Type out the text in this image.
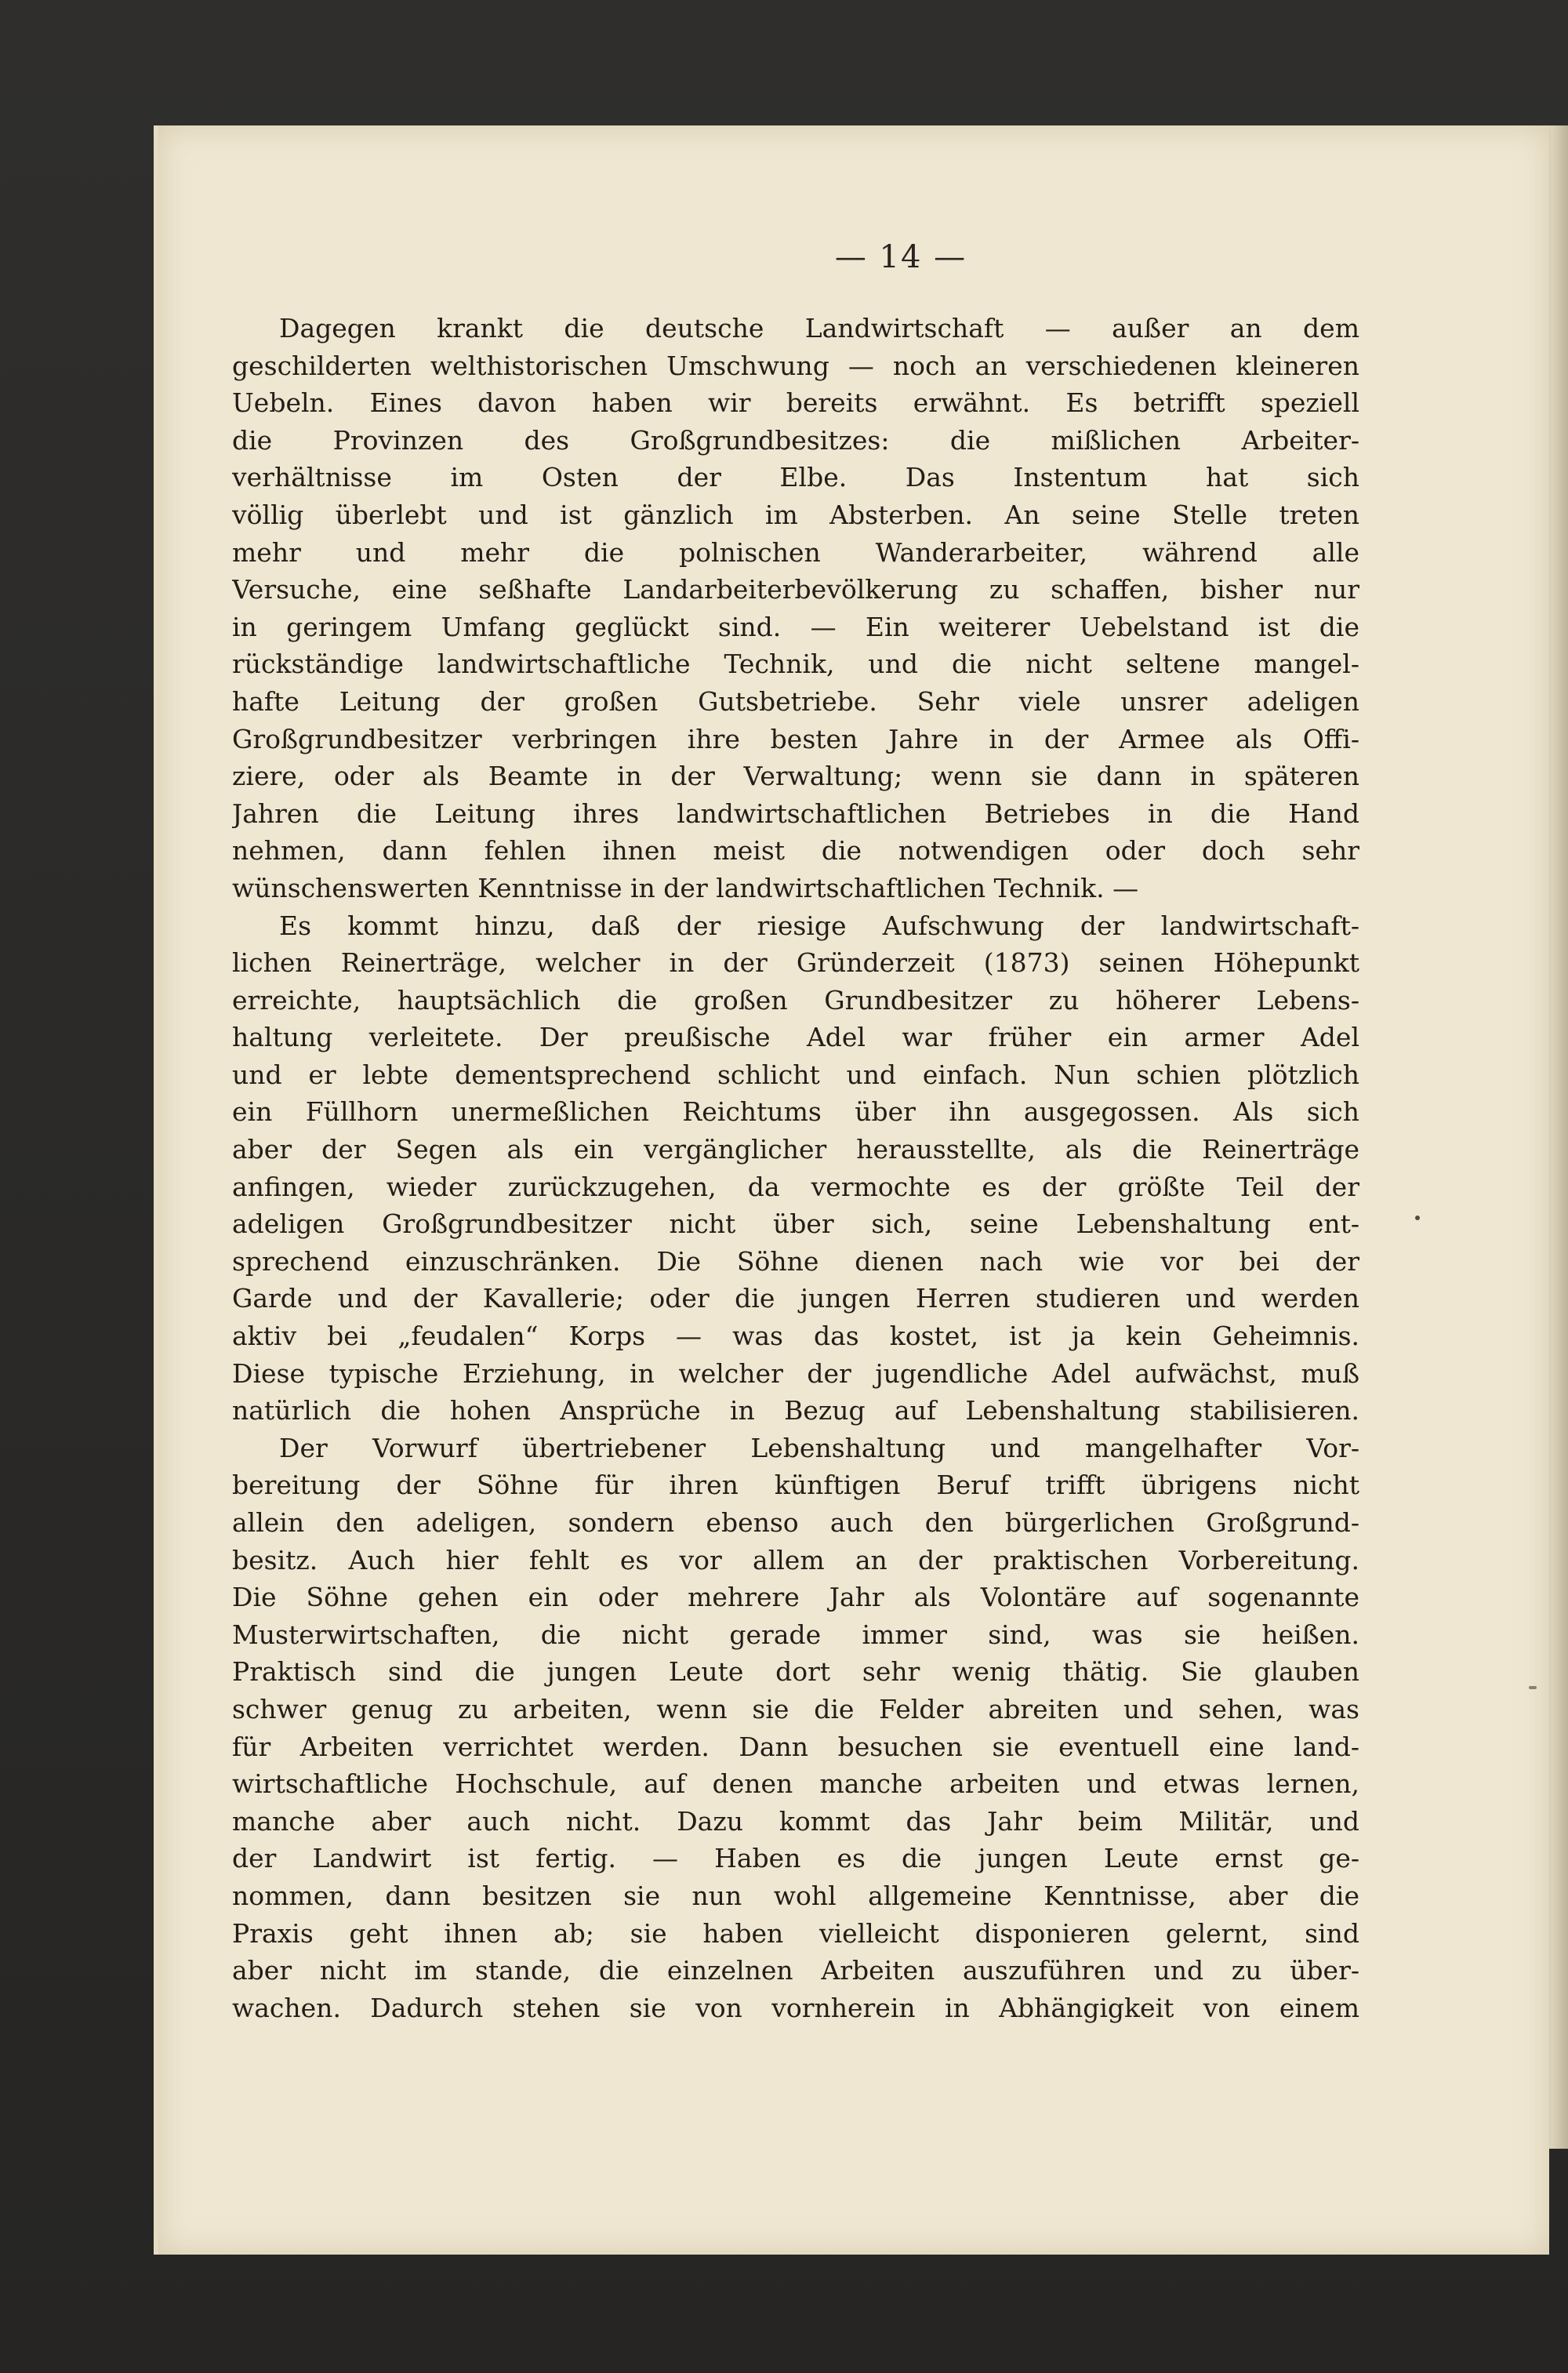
— 14 —
Dagegen krankt die deutsche Landwirtschaft — außer an dem
geschilderten welthistorischen Umschwung — noch an verschiedenen kleineren
Uebeln. Eines davon haben wir bereits erwähnt. Es betrifft speziell
die Provinzen des Großgrundbesitzes: die mißlichen Arbeiter-
verhältnisse im Osten der Elbe. Das Instentum hat sich
völlig überlebt und ist gänzlich im Absterben. An seine Stelle treten
mehr und mehr die polnischen Wanderarbeiter, während alle
Versuche, eine seßhafte Landarbeiterbevölkerung zu schaffen, bisher nur
in geringem Umfang geglückt sind. — Ein weiterer Uebelstand ist die
rückständige landwirtschaftliche Technik, und die nicht seltene mangel-
hafte Leitung der großen Gutsbetriebe. Sehr viele unsrer adeligen
Großgrundbesitzer verbringen ihre besten Jahre in der Armee als Offi-
ziere, oder als Beamte in der Verwaltung; wenn sie dann in späteren
Jahren die Leitung ihres landwirtschaftlichen Betriebes in die Hand
nehmen, dann fehlen ihnen meist die notwendigen oder doch sehr
wünschenswerten Kenntnisse in der landwirtschaftlichen Technik. —
Es kommt hinzu, daß der riesige Aufschwung der landwirtschaft-
lichen Reinerträge, welcher in der Gründerzeit (1873) seinen Höhepunkt
erreichte, hauptsächlich die großen Grundbesitzer zu höherer Lebens-
haltung verleitete. Der preußische Adel war früher ein armer Adel
und er lebte dementsprechend schlicht und einfach. Nun schien plötzlich
ein Füllhorn unermeßlichen Reichtums über ihn ausgegossen. Als sich
aber der Segen als ein vergänglicher herausstellte, als die Reinerträge
anfingen, wieder zurückzugehen, da vermochte es der größte Teil der
adeligen Großgrundbesitzer nicht über sich, seine Lebenshaltung ent-
sprechend einzuschränken. Die Söhne dienen nach wie vor bei der
Garde und der Kavallerie; oder die jungen Herren studieren und werden
aktiv bei „feudalen“ Korps — was das kostet, ist ja kein Geheimnis.
Diese typische Erziehung, in welcher der jugendliche Adel aufwächst, muß
natürlich die hohen Ansprüche in Bezug auf Lebenshaltung stabilisieren.
Der Vorwurf übertriebener Lebenshaltung und mangelhafter Vor-
bereitung der Söhne für ihren künftigen Beruf trifft übrigens nicht
allein den adeligen, sondern ebenso auch den bürgerlichen Großgrund-
besitz. Auch hier fehlt es vor allem an der praktischen Vorbereitung.
Die Söhne gehen ein oder mehrere Jahr als Volontäre auf sogenannte
Musterwirtschaften, die nicht gerade immer sind, was sie heißen.
Praktisch sind die jungen Leute dort sehr wenig thätig. Sie glauben
schwer genug zu arbeiten, wenn sie die Felder abreiten und sehen, was
für Arbeiten verrichtet werden. Dann besuchen sie eventuell eine land-
wirtschaftliche Hochschule, auf denen manche arbeiten und etwas lernen,
manche aber auch nicht. Dazu kommt das Jahr beim Militär, und
der Landwirt ist fertig. — Haben es die jungen Leute ernst ge-
nommen, dann besitzen sie nun wohl allgemeine Kenntnisse, aber die
Praxis geht ihnen ab; sie haben vielleicht disponieren gelernt, sind
aber nicht im stande, die einzelnen Arbeiten auszuführen und zu über-
wachen. Dadurch stehen sie von vornherein in Abhängigkeit von einem
